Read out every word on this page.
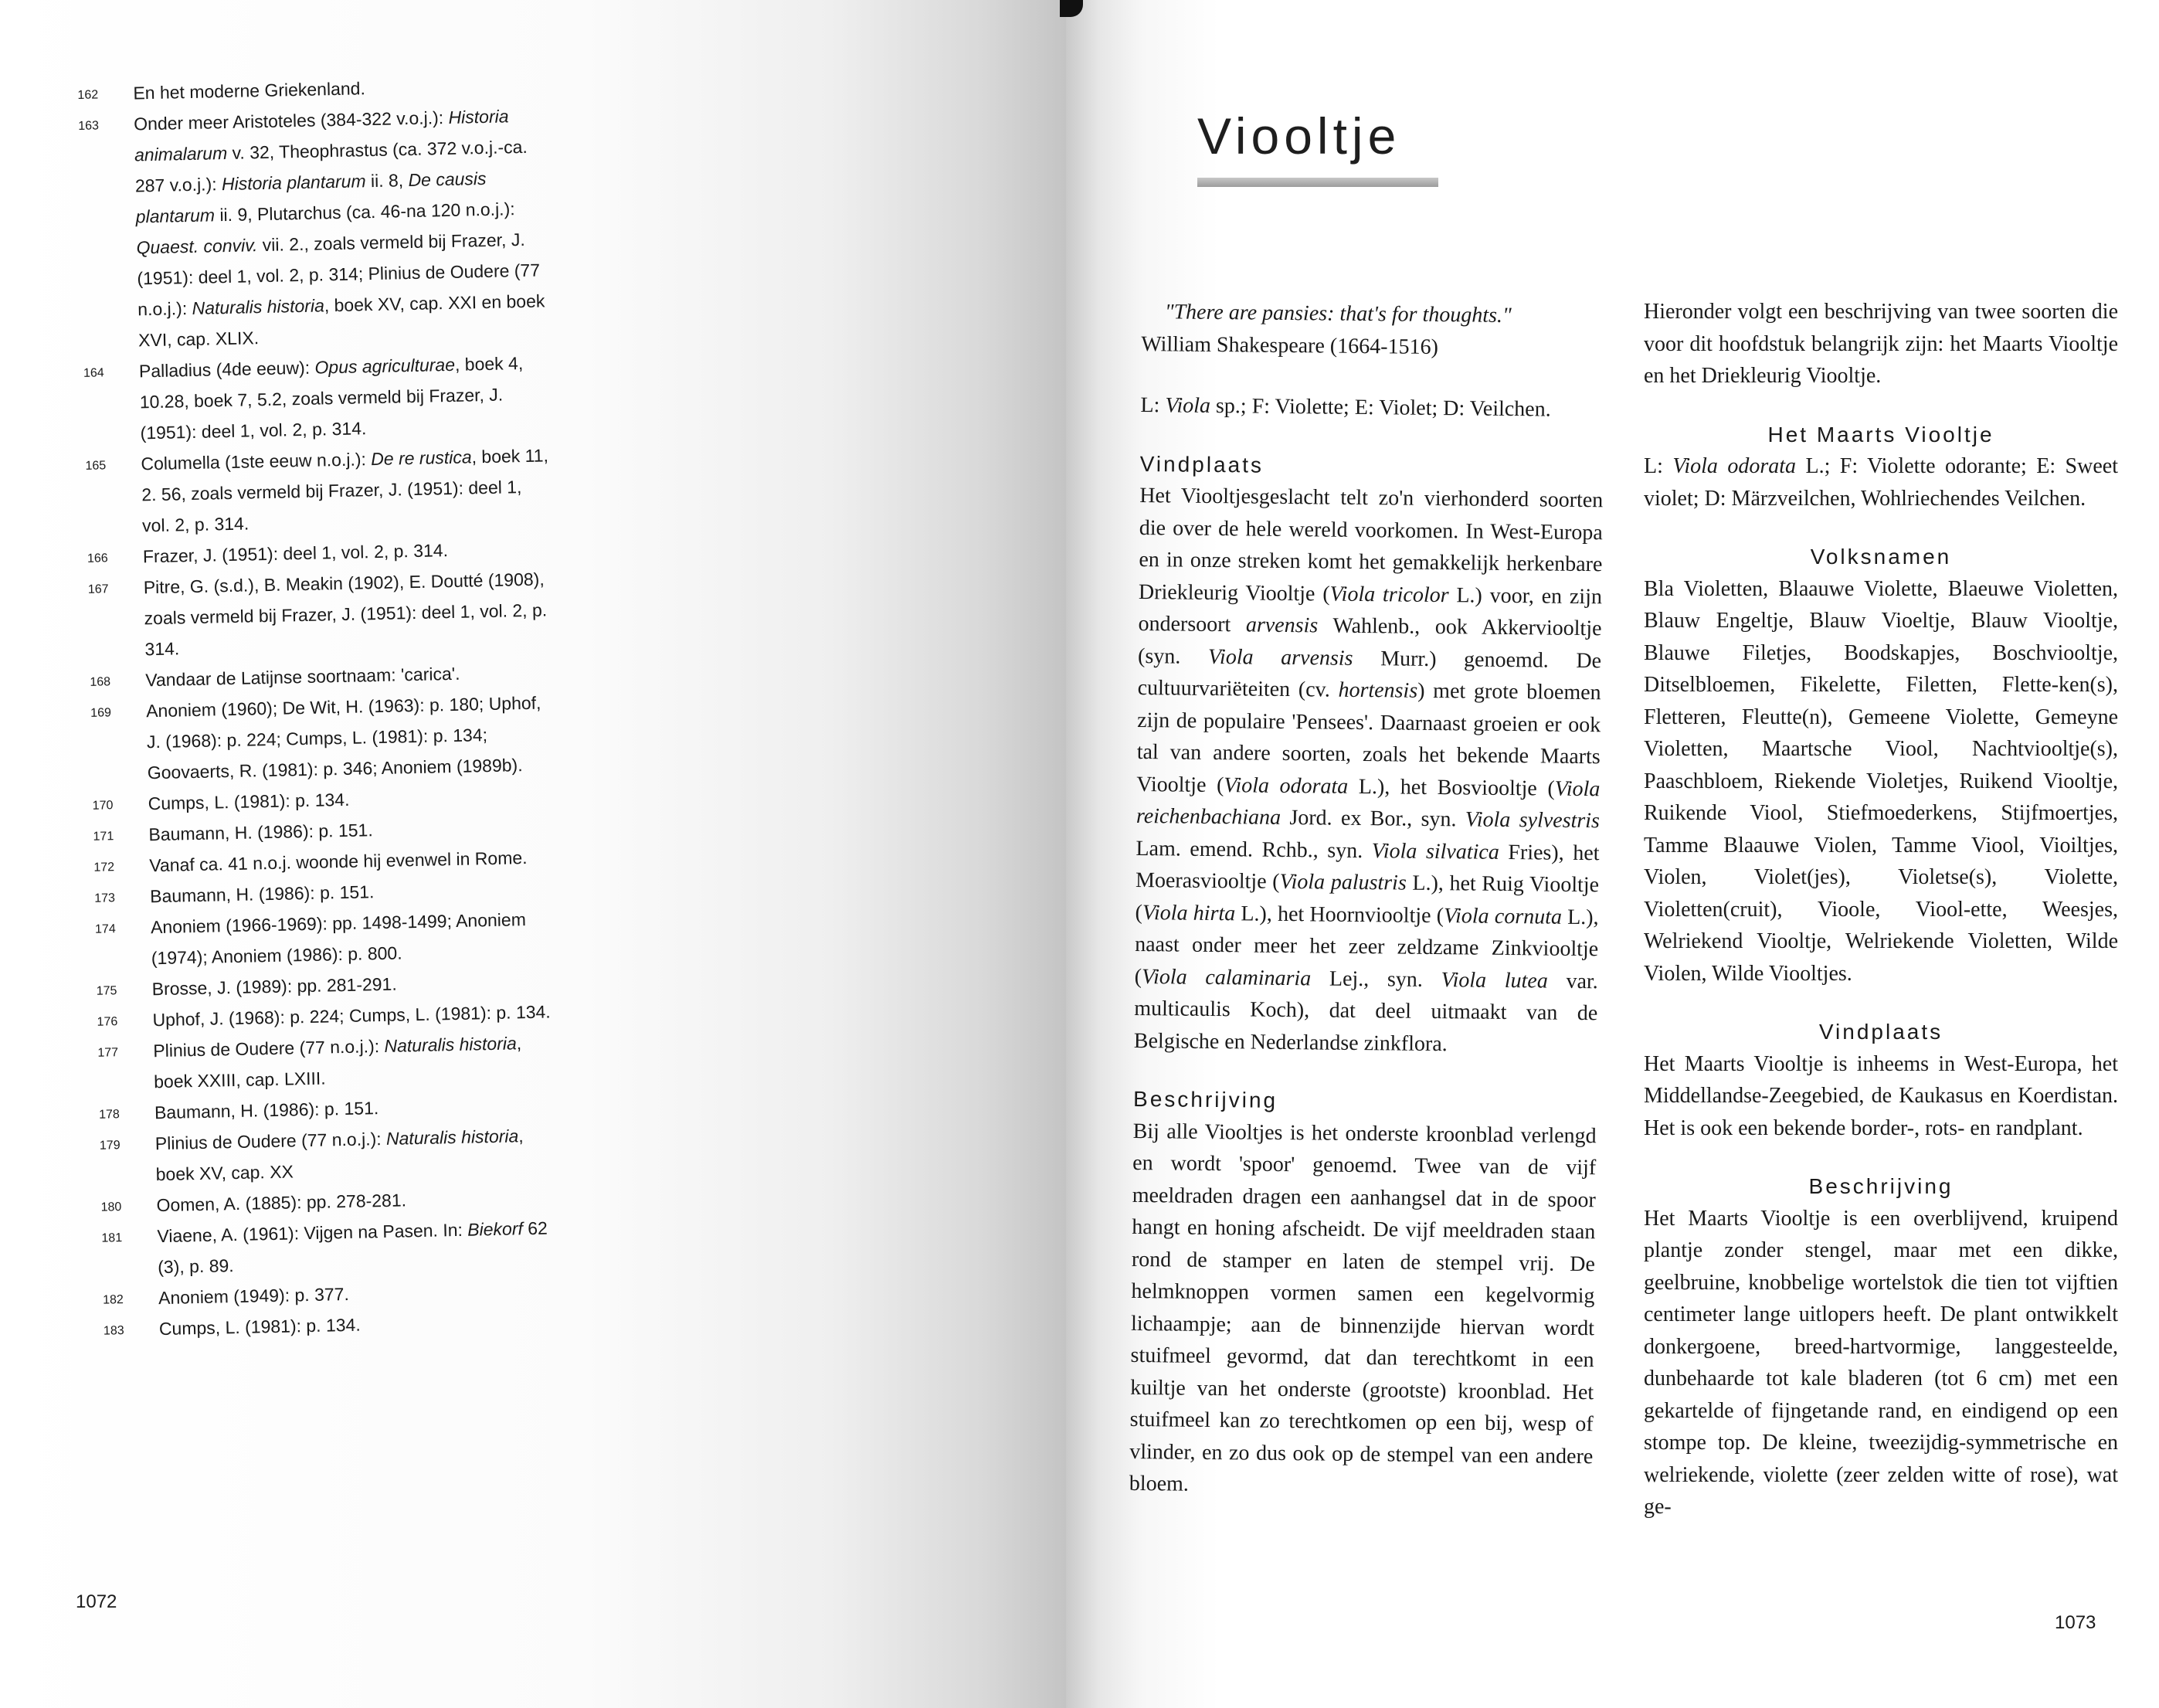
162 En het moderne Griekenland.
163 Onder meer Aristoteles (384-322 v.o.j.): Historia animalarum v. 32, Theophrastus (ca. 372 v.o.j.-ca. 287 v.o.j.): Historia plantarum ii. 8, De causis plantarum ii. 9, Plutarchus (ca. 46-na 120 n.o.j.): Quaest. conviv. vii. 2., zoals vermeld bij Frazer, J. (1951): deel 1, vol. 2, p. 314; Plinius de Oudere (77 n.o.j.): Naturalis historia, boek XV, cap. XXI en boek XVI, cap. XLIX.
164 Palladius (4de eeuw): Opus agriculturae, boek 4, 10.28, boek 7, 5.2, zoals vermeld bij Frazer, J. (1951): deel 1, vol. 2, p. 314.
165 Columella (1ste eeuw n.o.j.): De re rustica, boek 11, 2. 56, zoals vermeld bij Frazer, J. (1951): deel 1, vol. 2, p. 314.
166 Frazer, J. (1951): deel 1, vol. 2, p. 314.
167 Pitre, G. (s.d.), B. Meakin (1902), E. Doutté (1908), zoals vermeld bij Frazer, J. (1951): deel 1, vol. 2, p. 314.
168 Vandaar de Latijnse soortnaam: 'carica'.
169 Anoniem (1960); De Wit, H. (1963): p. 180; Uphof, J. (1968): p. 224; Cumps, L. (1981): p. 134; Goovaerts, R. (1981): p. 346; Anoniem (1989b).
170 Cumps, L. (1981): p. 134.
171 Baumann, H. (1986): p. 151.
172 Vanaf ca. 41 n.o.j. woonde hij evenwel in Rome.
173 Baumann, H. (1986): p. 151.
174 Anoniem (1966-1969): pp. 1498-1499; Anoniem (1974); Anoniem (1986): p. 800.
175 Brosse, J. (1989): pp. 281-291.
176 Uphof, J. (1968): p. 224; Cumps, L. (1981): p. 134.
177 Plinius de Oudere (77 n.o.j.): Naturalis historia, boek XXIII, cap. LXIII.
178 Baumann, H. (1986): p. 151.
179 Plinius de Oudere (77 n.o.j.): Naturalis historia, boek XV, cap. XX
180 Oomen, A. (1885): pp. 278-281.
181 Viaene, A. (1961): Vijgen na Pasen. In: Biekorf 62 (3), p. 89.
182 Anoniem (1949): p. 377.
183 Cumps, L. (1981): p. 134.
1072
Viooltje

"There are pansies: that's for thoughts."

William Shakespeare (1664-1516)

L: Viola sp.; F: Violette; E: Violet; D: Veilchen.

Vindplaats

Het Viooltjesgeslacht telt zo'n vierhonderd soorten die over de hele wereld voorkomen. In West-Europa en in onze streken komt het gemakkelijk herkenbare Driekleurig Viooltje (Viola tricolor L.) voor, en zijn ondersoort arvensis Wahlenb., ook Akkerviooltje (syn. Viola arvensis Murr.) genoemd. De cultuurvariëteiten (cv. hortensis) met grote bloemen zijn de populaire 'Pensees'. Daarnaast groeien er ook tal van andere soorten, zoals het bekende Maarts Viooltje (Viola odorata L.), het Bosviooltje (Viola reichenbachiana Jord. ex Bor., syn. Viola sylvestris Lam. emend. Rchb., syn. Viola silvatica Fries), het Moerasviooltje (Viola palustris L.), het Ruig Viooltje (Viola hirta L.), het Hoornviooltje (Viola cornuta L.), naast onder meer het zeer zeldzame Zinkviooltje (Viola calaminaria Lej., syn. Viola lutea var. multicaulis Koch), dat deel uitmaakt van de Belgische en Nederlandse zinkflora.

Beschrijving

Bij alle Viooltjes is het onderste kroonblad verlengd en wordt 'spoor' genoemd. Twee van de vijf meeldraden dragen een aanhangsel dat in de spoor hangt en honing afscheidt. De vijf meeldraden staan rond de stamper en laten de stempel vrij. De helmknoppen vormen samen een kegelvormig lichaampje; aan de binnenzijde hiervan wordt stuifmeel gevormd, dat dan terechtkomt in een kuiltje van het onderste (grootste) kroonblad. Het stuifmeel kan zo terechtkomen op een bij, wesp of vlinder, en zo dus ook op de stempel van een andere bloem.

Hieronder volgt een beschrijving van twee soorten die voor dit hoofdstuk belangrijk zijn: het Maarts Viooltje en het Driekleurig Viooltje.

Het Maarts Viooltje

L: Viola odorata L.; F: Violette odorante; E: Sweet violet; D: Märzveilchen, Wohlriechendes Veilchen.

Volksnamen

Bla Violetten, Blaauwe Violette, Blaeuwe Violetten, Blauw Engeltje, Blauw Vioeltje, Blauw Viooltje, Blauwe Filetjes, Boodskapjes, Boschviooltje, Ditselbloemen, Fikelette, Filetten, Flette-ken(s), Fletteren, Fleutte(n), Gemeene Violette, Gemeyne Violetten, Maartsche Viool, Nachtviooltje(s), Paaschbloem, Riekende Violetjes, Ruikend Viooltje, Ruikende Viool, Stiefmoederkens, Stijfmoertjes, Tamme Blaauwe Violen, Tamme Viool, Vioiltjes, Violen, Violet(jes), Violetse(s), Violette, Violetten(cruit), Vioole, Viool-ette, Weesjes, Welriekend Viooltje, Welriekende Violetten, Wilde Violen, Wilde Viooltjes.

Vindplaats

Het Maarts Viooltje is inheems in West-Europa, het Middellandse-Zeegebied, de Kaukasus en Koerdistan. Het is ook een bekende border-, rots- en randplant.

Beschrijving

Het Maarts Viooltje is een overblijvend, kruipend plantje zonder stengel, maar met een dikke, geelbruine, knobbelige wortelstok die tien tot vijftien centimeter lange uitlopers heeft. De plant ontwikkelt donkergoene, breed-hartvormige, langgesteelde, dunbehaarde tot kale bladeren (tot 6 cm) met een gekartelde of fijngetande rand, en eindigend op een stompe top. De kleine, tweezijdig-symmetrische en welriekende, violette (zeer zelden witte of rose), wat ge-

1073
